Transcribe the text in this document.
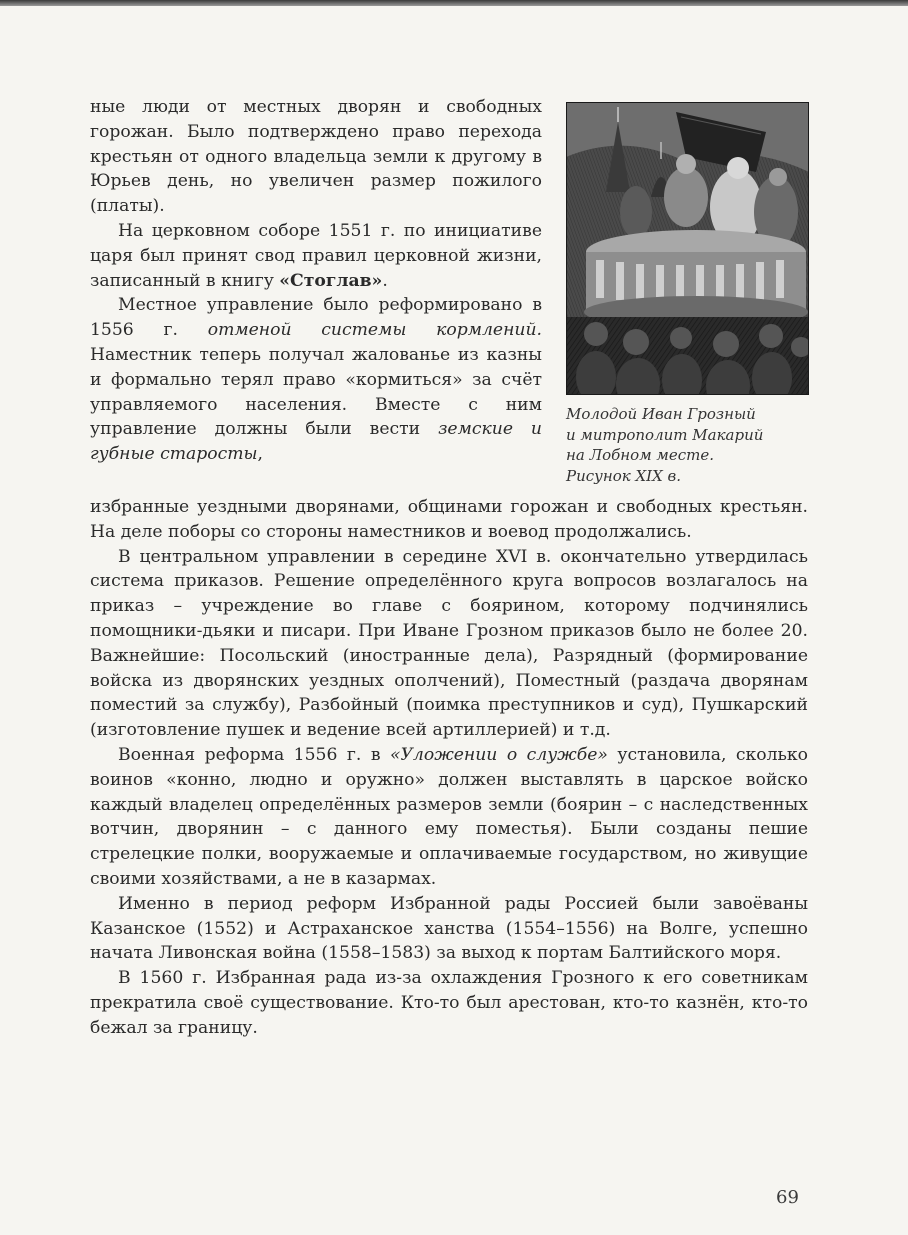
ные люди от местных дворян и свободных горожан. Было подтверждено право перехода крестьян от одного владельца земли к другому в Юрьев день, но увеличен размер пожилого (платы).

На церковном соборе 1551 г. по инициативе царя был принят свод правил церковной жизни, записанный в книгу «Стоглав».

Местное управление было реформировано в 1556 г. отменой системы кормлений. Наместник теперь получал жалованье из казны и формально терял право «кормиться» за счёт управляемого населения. Вместе с ним управление должны были вести земские и губные старосты,

Молодой Иван Грозный
и митрополит Макарий
на Лобном месте.
Рисунок XIX в.

избранные уездными дворянами, общинами горожан и свободных крестьян. На деле поборы со стороны наместников и воевод продолжались.

В центральном управлении в середине XVI в. окончательно утвердилась система приказов. Решение определённого круга вопросов возлагалось на приказ – учреждение во главе с боярином, которому подчинялись помощники-дьяки и писари. При Иване Грозном приказов было не более 20. Важнейшие: Посольский (иностранные дела), Разрядный (формирование войска из дворянских уездных ополчений), Поместный (раздача дворянам поместий за службу), Разбойный (поимка преступников и суд), Пушкарский (изготовление пушек и ведение всей артиллерией) и т.д.

Военная реформа 1556 г. в «Уложении о службе» установила, сколько воинов «конно, людно и оружно» должен выставлять в царское войско каждый владелец определённых размеров земли (боярин – с наследственных вотчин, дворянин – с данного ему поместья). Были созданы пешие стрелецкие полки, вооружаемые и оплачиваемые государством, но живущие своими хозяйствами, а не в казармах.

Именно в период реформ Избранной рады Россией были завоёваны Казанское (1552) и Астраханское ханства (1554–1556) на Волге, успешно начата Ливонская война (1558–1583) за выход к портам Балтийского моря.

В 1560 г. Избранная рада из-за охлаждения Грозного к его советникам прекратила своё существование. Кто-то был арестован, кто-то казнён, кто-то бежал за границу.

69
